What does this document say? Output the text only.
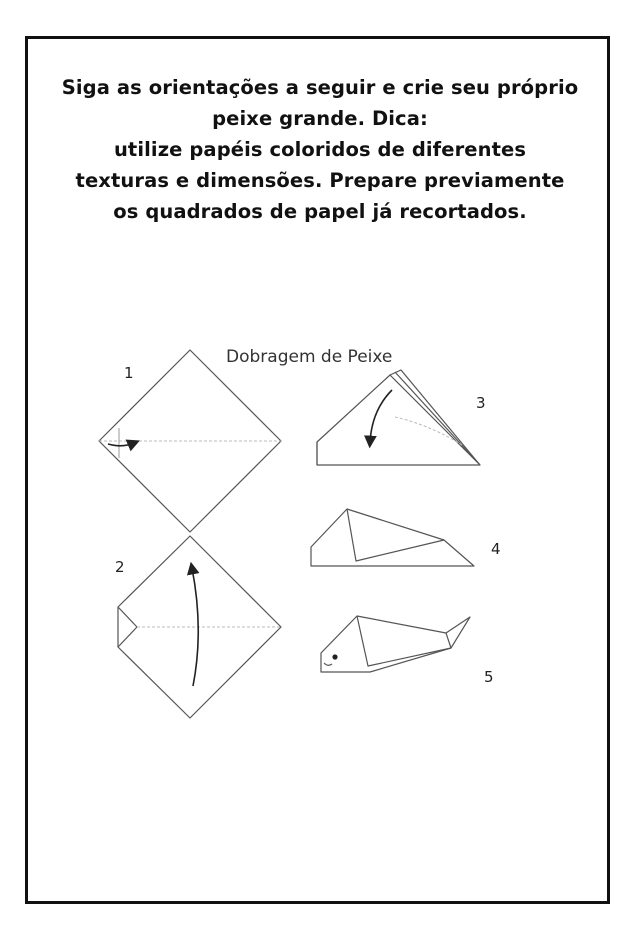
Siga as orientações a seguir e crie seu próprio
peixe grande. Dica:
utilize papéis coloridos de diferentes
texturas e dimensões. Prepare previamente
os quadrados de papel já recortados.

Dobragem de Peixe
1
2
3
4
5
